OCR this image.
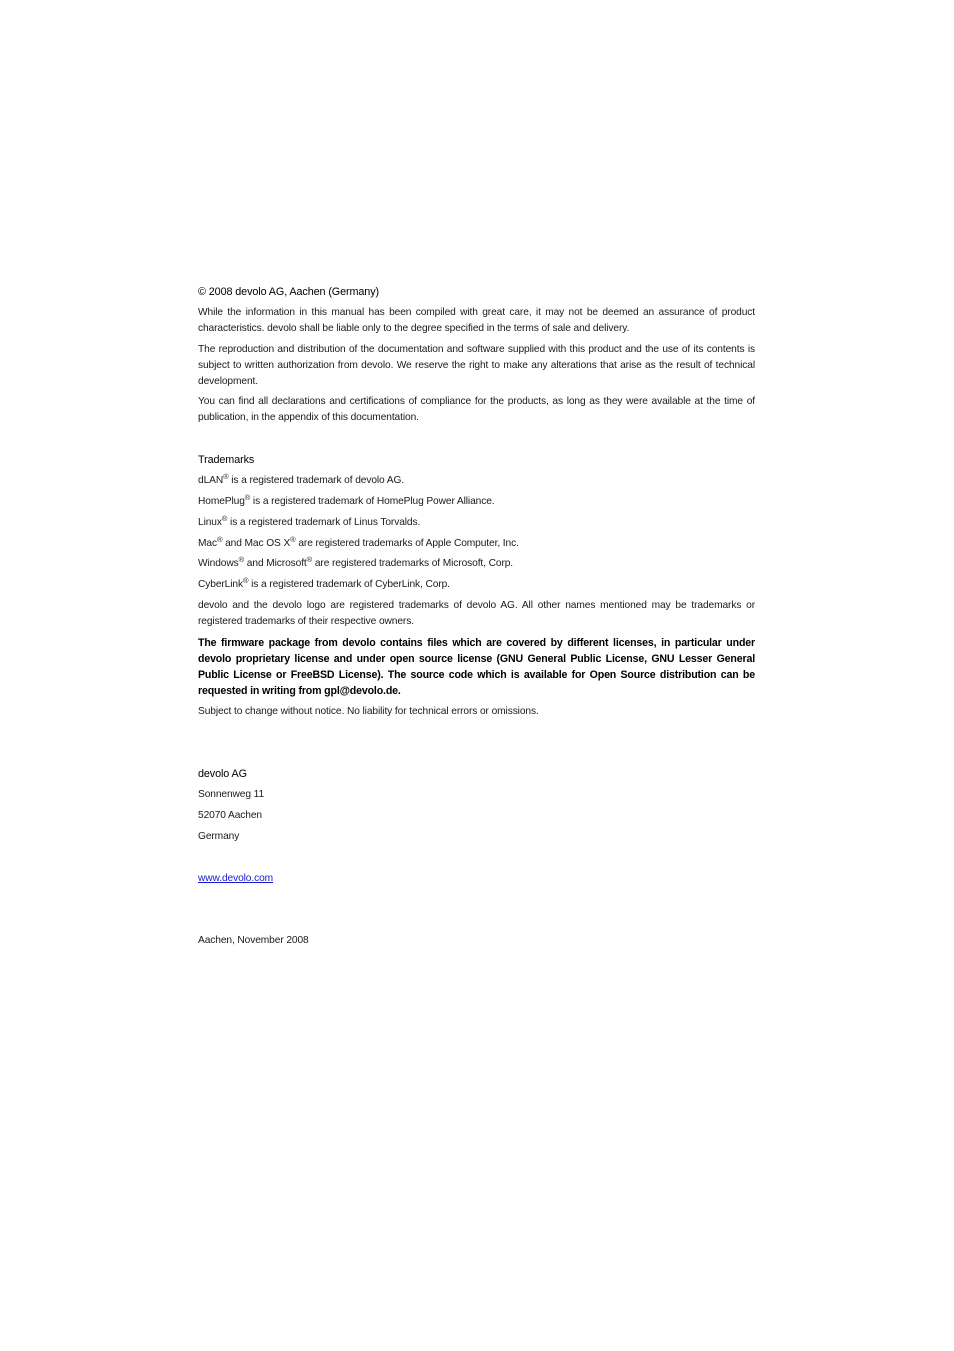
© 2008 devolo AG, Aachen (Germany)

While the information in this manual has been compiled with great care, it may not be deemed an assurance of product characteristics. devolo shall be liable only to the degree specified in the terms of sale and delivery.

The reproduction and distribution of the documentation and software supplied with this product and the use of its contents is subject to written authorization from devolo. We reserve the right to make any alterations that arise as the result of technical development.

You can find all declarations and certifications of compliance for the products, as long as they were available at the time of publication, in the appendix of this documentation.

Trademarks

dLAN® is a registered trademark of devolo AG.

HomePlug® is a registered trademark of HomePlug Power Alliance.

Linux® is a registered trademark of Linus Torvalds.

Mac® and Mac OS X® are registered trademarks of Apple Computer, Inc.

Windows® and Microsoft® are registered trademarks of Microsoft, Corp.

CyberLink® is a registered trademark of CyberLink, Corp.

devolo and the devolo logo are registered trademarks of devolo AG. All other names mentioned may be trademarks or registered trademarks of their respective owners.

The firmware package from devolo contains files which are covered by different licenses, in particular under devolo proprietary license and under open source license (GNU General Public License, GNU Lesser General Public License or FreeBSD License). The source code which is available for Open Source distribution can be requested in writing from gpl@devolo.de.

Subject to change without notice. No liability for technical errors or omissions.

devolo AG

Sonnenweg 11

52070 Aachen

Germany

www.devolo.com

Aachen, November 2008
